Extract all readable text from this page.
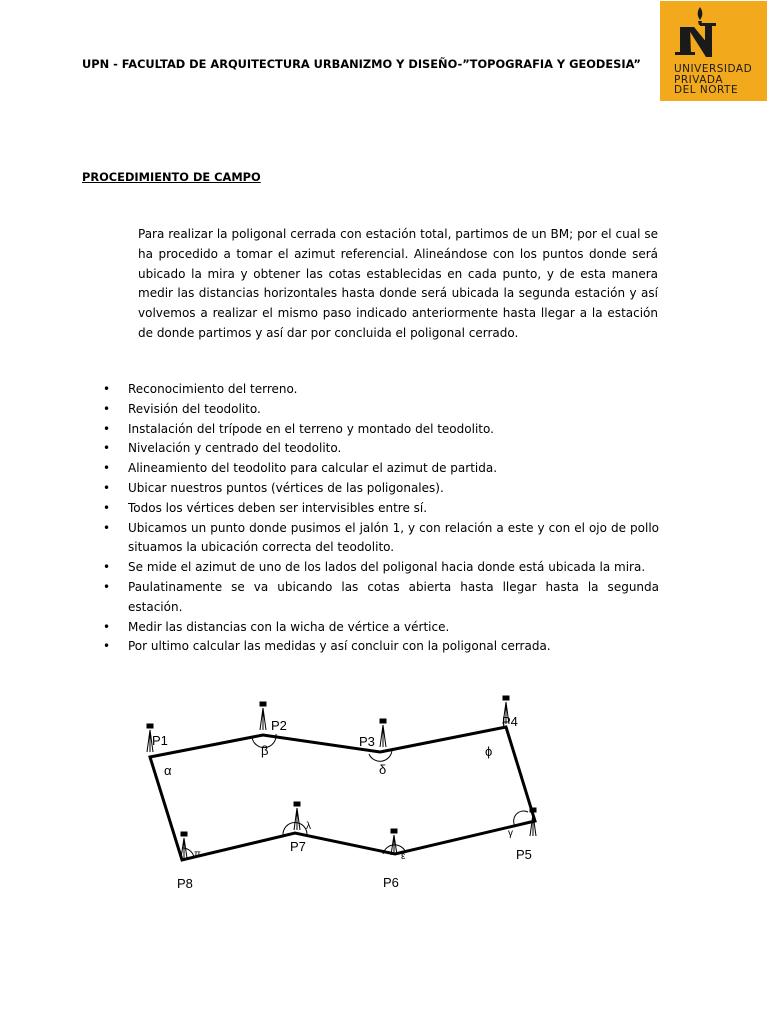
UPN - FACULTAD DE ARQUITECTURA URBANIZMO Y DISEÑO-”TOPOGRAFIA Y GEODESIA”	UNIVERSIDAD
PRIVADA
DEL NORTE
PROCEDIMIENTO DE CAMPO
Para realizar la poligonal cerrada con estación total, partimos de un BM; por el cual se ha procedido a tomar el azimut referencial. Alineándose con los puntos donde será ubicado la mira y obtener las cotas establecidas en cada punto, y de esta manera medir las distancias horizontales hasta donde será ubicada la segunda estación y así volvemos a realizar el mismo paso indicado anteriormente hasta llegar a la estación de donde partimos y así dar por concluida el poligonal cerrado.
• Reconocimiento del terreno.
• Revisión del teodolito.
• Instalación del trípode en el terreno y montado del teodolito.
• Nivelación y centrado del teodolito.
• Alineamiento del teodolito para calcular el azimut de partida.
• Ubicar nuestros puntos (vértices de las poligonales).
• Todos los vértices deben ser intervisibles entre sí.
• Ubicamos un punto donde pusimos el jalón 1, y con relación a este y con el ojo de pollo situamos la ubicación correcta del teodolito.
• Se mide el azimut de uno de los lados del poligonal hacia donde está ubicada la mira.
• Paulatinamente se va ubicando las cotas abierta hasta llegar hasta la segunda estación.
• Medir las distancias con la wicha de vértice a vértice.
• Por ultimo calcular las medidas y así concluir con la poligonal cerrada.
P1
P2
P3
P4
P5
P6
P7
P8
α
β
δ
ϕ
γ
ε
λ
π
